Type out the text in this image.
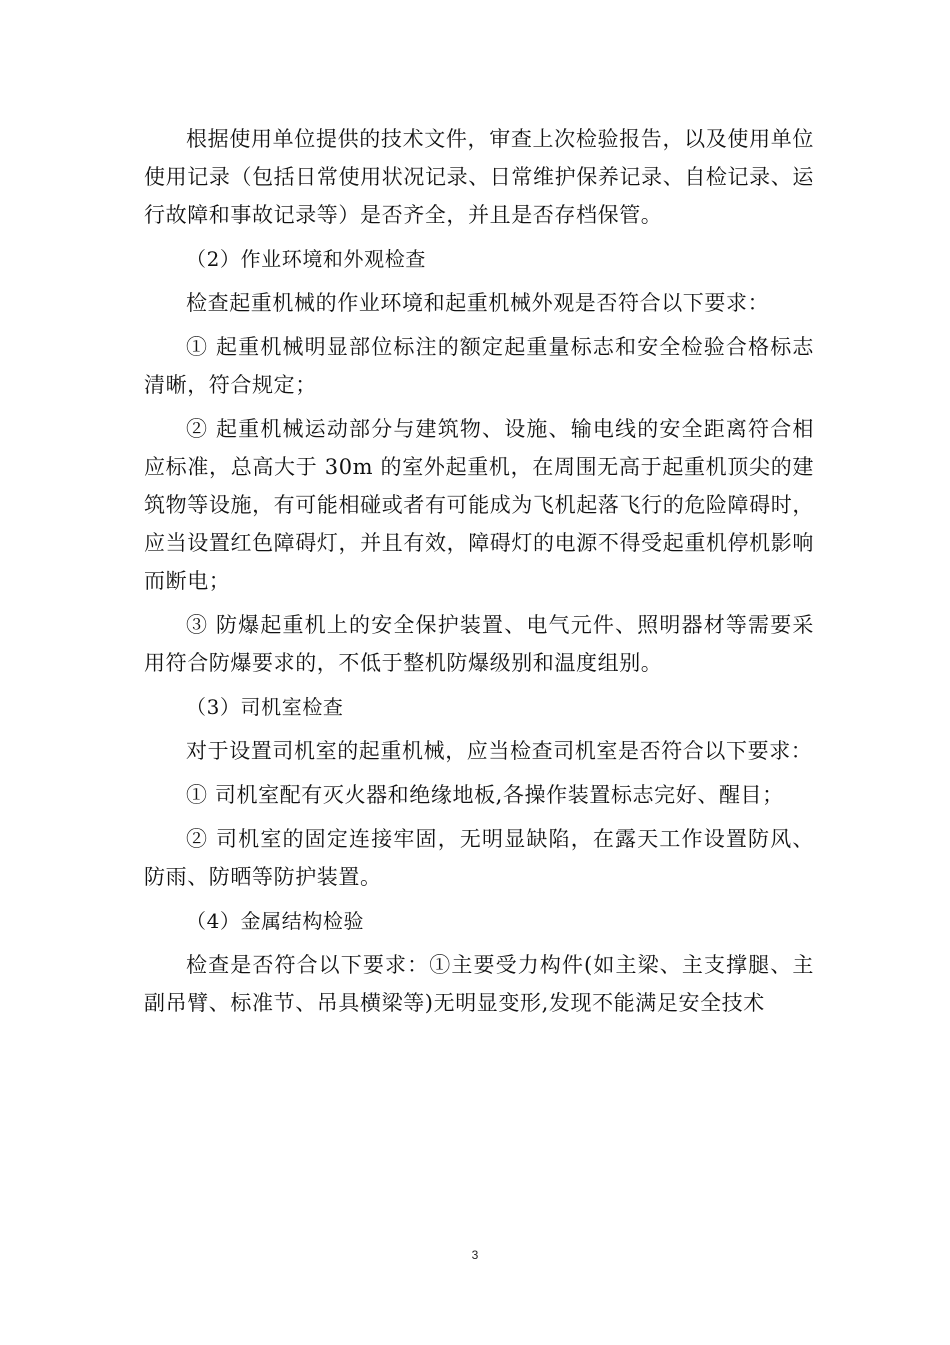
根据使用单位提供的技术文件，审查上次检验报告，以及使用单位使用记录（包括日常使用状况记录、日常维护保养记录、自检记录、运行故障和事故记录等）是否齐全，并且是否存档保管。

（2）作业环境和外观检查

检查起重机械的作业环境和起重机械外观是否符合以下要求：

① 起重机械明显部位标注的额定起重量标志和安全检验合格标志清晰，符合规定；

② 起重机械运动部分与建筑物、设施、输电线的安全距离符合相应标准，总高大于 30m 的室外起重机，在周围无高于起重机顶尖的建筑物等设施，有可能相碰或者有可能成为飞机起落飞行的危险障碍时，应当设置红色障碍灯，并且有效，障碍灯的电源不得受起重机停机影响而断电；

③ 防爆起重机上的安全保护装置、电气元件、照明器材等需要采用符合防爆要求的，不低于整机防爆级别和温度组别。

（3）司机室检查

对于设置司机室的起重机械，应当检查司机室是否符合以下要求：

① 司机室配有灭火器和绝缘地板,各操作装置标志完好、醒目；

② 司机室的固定连接牢固，无明显缺陷，在露天工作设置防风、防雨、防晒等防护装置。

（4）金属结构检验

检查是否符合以下要求：①主要受力构件(如主梁、主支撑腿、主副吊臂、标准节、吊具横梁等)无明显变形,发现不能满足安全技术

3
